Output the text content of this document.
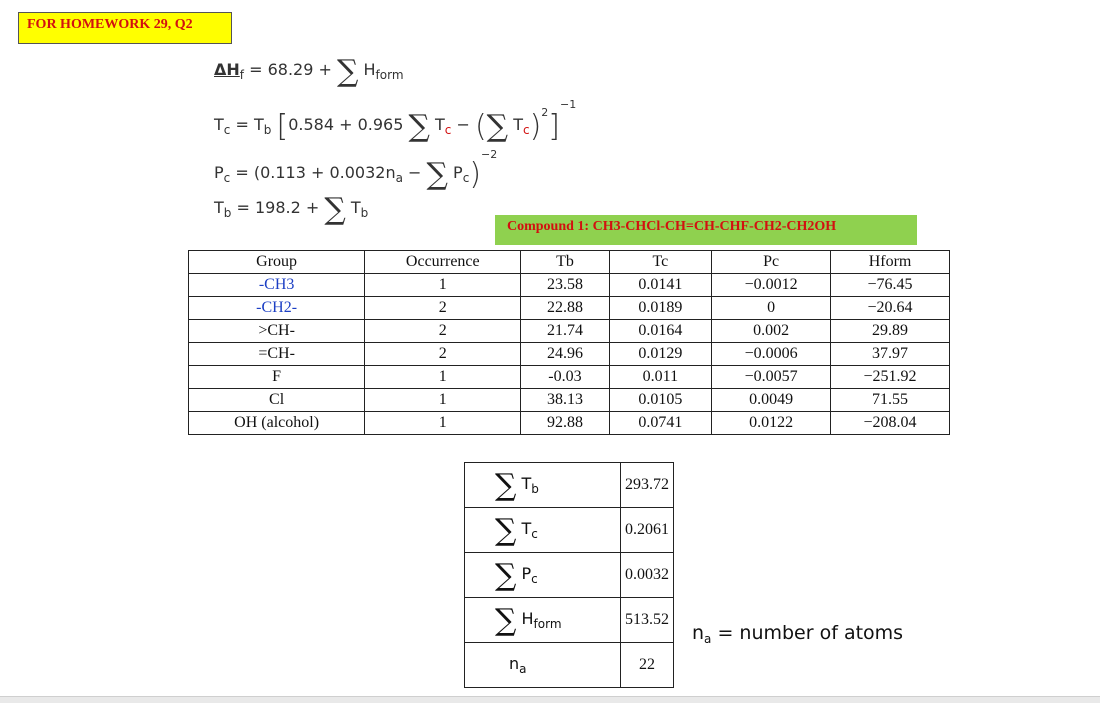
FOR HOMEWORK 29, Q2
$\Delta H_f = 68.29$ + ∑ $H_{form}$
$T_c = T_b$ [0.584 + 0.965 ∑ $T_c$ − (∑ $T_c)^2]^{-1}$
$P_c = (0.113 + 0.0032n_a$ − ∑ $P_c)^{-2}$
$T_b = 198.2$ + ∑ $T_b$
Compound 1: CH3-CHCl-CH=CH-CHF-CH2-CH2OH
Group	Occurrence	Tb	Tc	Pc	Hform
-CH3	1	23.58	0.0141	−0.0012	−76.45
-CH2-	2	22.88	0.0189	0	−20.64
>CH-	2	21.74	0.0164	0.002	29.89
=CH-	2	24.96	0.0129	−0.0006	37.97
F	1	-0.03	0.011	−0.0057	−251.92
Cl	1	38.13	0.0105	0.0049	71.55
OH (alcohol)	1	92.88	0.0741	0.0122	−208.04
∑ $T_b$	293.72
∑ $T_c$	0.2061
∑ $P_c$	0.0032
∑ $H_{form}$	513.52
$n_a$	22
$n_a$ = number of atoms
